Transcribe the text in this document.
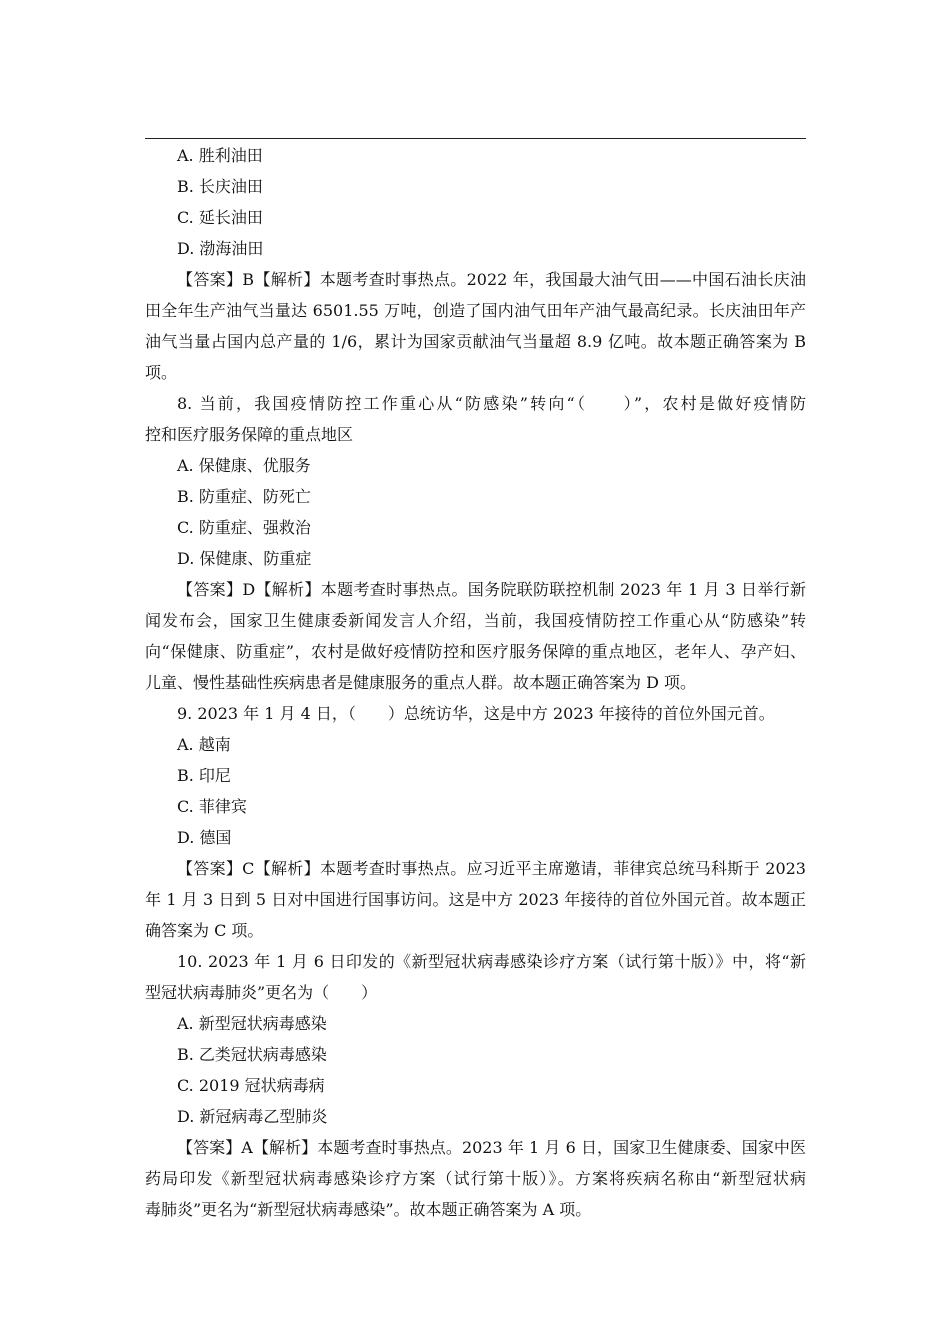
A. 胜利油田
B. 长庆油田
C. 延长油田
D. 渤海油田
【答案】B【解析】本题考查时事热点。2022 年，我国最大油气田——中国石油长庆油
田全年生产油气当量达 6501.55 万吨，创造了国内油气田年产油气最高纪录。长庆油田年产
油气当量占国内总产量的 1/6，累计为国家贡献油气当量超 8.9 亿吨。故本题正确答案为 B
项。
8. 当前，我国疫情防控工作重心从“防感染”转向“（　　）”，农村是做好疫情防
控和医疗服务保障的重点地区
A. 保健康、优服务
B. 防重症、防死亡
C. 防重症、强救治
D. 保健康、防重症
【答案】D【解析】本题考查时事热点。国务院联防联控机制 2023 年 1 月 3 日举行新
闻发布会，国家卫生健康委新闻发言人介绍，当前，我国疫情防控工作重心从“防感染”转
向“保健康、防重症”，农村是做好疫情防控和医疗服务保障的重点地区，老年人、孕产妇、
儿童、慢性基础性疾病患者是健康服务的重点人群。故本题正确答案为 D 项。
9. 2023 年 1 月 4 日，（　　）总统访华，这是中方 2023 年接待的首位外国元首。
A. 越南
B. 印尼
C. 菲律宾
D. 德国
【答案】C【解析】本题考查时事热点。应习近平主席邀请，菲律宾总统马科斯于 2023
年 1 月 3 日到 5 日对中国进行国事访问。这是中方 2023 年接待的首位外国元首。故本题正
确答案为 C 项。
10. 2023 年 1 月 6 日印发的《新型冠状病毒感染诊疗方案（试行第十版）》中，将“新
型冠状病毒肺炎”更名为（　　）
A. 新型冠状病毒感染
B. 乙类冠状病毒感染
C. 2019 冠状病毒病
D. 新冠病毒乙型肺炎
【答案】A【解析】本题考查时事热点。2023 年 1 月 6 日，国家卫生健康委、国家中医
药局印发《新型冠状病毒感染诊疗方案（试行第十版）》。方案将疾病名称由“新型冠状病
毒肺炎”更名为“新型冠状病毒感染”。故本题正确答案为 A 项。
